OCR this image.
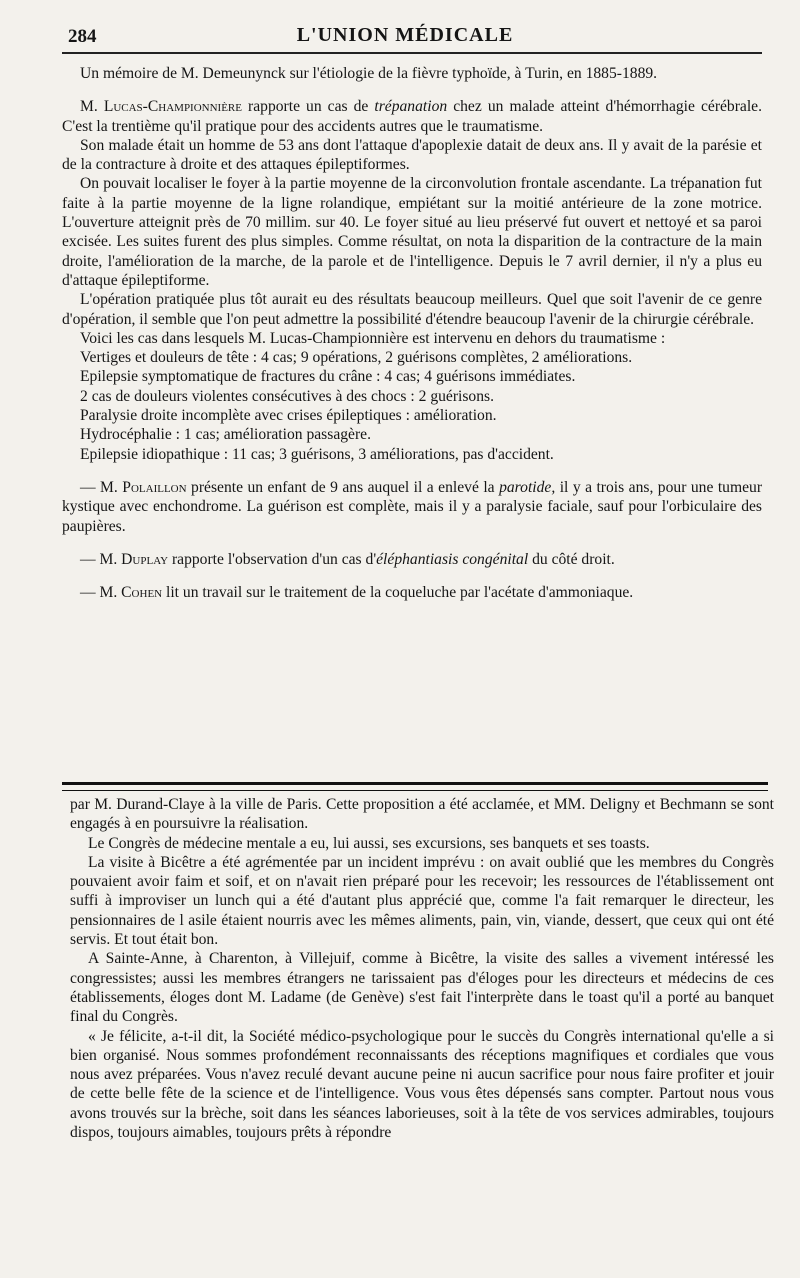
284	L'UNION MÉDICALE

Un mémoire de M. Demeunynck sur l'étiologie de la fièvre typhoïde, à Turin, en 1885-1889.

M. Lucas-Championnière rapporte un cas de trépanation chez un malade atteint d'hémorrhagie cérébrale. C'est la trentième qu'il pratique pour des accidents autres que le traumatisme.

Son malade était un homme de 53 ans dont l'attaque d'apoplexie datait de deux ans. Il y avait de la parésie et de la contracture à droite et des attaques épileptiformes.

On pouvait localiser le foyer à la partie moyenne de la circonvolution frontale ascendante. La trépanation fut faite à la partie moyenne de la ligne rolandique, empiétant sur la moitié antérieure de la zone motrice. L'ouverture atteignit près de 70 millim. sur 40. Le foyer situé au lieu préservé fut ouvert et nettoyé et sa paroi excisée. Les suites furent des plus simples. Comme résultat, on nota la disparition de la contracture de la main droite, l'amélioration de la marche, de la parole et de l'intelligence. Depuis le 7 avril dernier, il n'y a plus eu d'attaque épileptiforme.

L'opération pratiquée plus tôt aurait eu des résultats beaucoup meilleurs. Quel que soit l'avenir de ce genre d'opération, il semble que l'on peut admettre la possibilité d'étendre beaucoup l'avenir de la chirurgie cérébrale.

Voici les cas dans lesquels M. Lucas-Championnière est intervenu en dehors du traumatisme :

Vertiges et douleurs de tête : 4 cas; 9 opérations, 2 guérisons complètes, 2 améliorations.

Epilepsie symptomatique de fractures du crâne : 4 cas; 4 guérisons immédiates.

2 cas de douleurs violentes consécutives à des chocs : 2 guérisons.

Paralysie droite incomplète avec crises épileptiques : amélioration.

Hydrocéphalie : 1 cas; amélioration passagère.

Epilepsie idiopathique : 11 cas; 3 guérisons, 3 améliorations, pas d'accident.

— M. Polaillon présente un enfant de 9 ans auquel il a enlevé la parotide, il y a trois ans, pour une tumeur kystique avec enchondrome. La guérison est complète, mais il y a paralysie faciale, sauf pour l'orbiculaire des paupières.

— M. Duplay rapporte l'observation d'un cas d'éléphantiasis congénital du côté droit.

— M. Cohen lit un travail sur le traitement de la coqueluche par l'acétate d'ammoniaque.

par M. Durand-Claye à la ville de Paris. Cette proposition a été acclamée, et MM. Deligny et Bechmann se sont engagés à en poursuivre la réalisation.

Le Congrès de médecine mentale a eu, lui aussi, ses excursions, ses banquets et ses toasts.

La visite à Bicêtre a été agrémentée par un incident imprévu : on avait oublié que les membres du Congrès pouvaient avoir faim et soif, et on n'avait rien préparé pour les recevoir; les ressources de l'établissement ont suffi à improviser un lunch qui a été d'autant plus apprécié que, comme l'a fait remarquer le directeur, les pensionnaires de l asile étaient nourris avec les mêmes aliments, pain, vin, viande, dessert, que ceux qui ont été servis. Et tout était bon.

A Sainte-Anne, à Charenton, à Villejuif, comme à Bicêtre, la visite des salles a vivement intéressé les congressistes; aussi les membres étrangers ne tarissaient pas d'éloges pour les directeurs et médecins de ces établissements, éloges dont M. Ladame (de Genève) s'est fait l'interprète dans le toast qu'il a porté au banquet final du Congrès.

« Je félicite, a-t-il dit, la Société médico-psychologique pour le succès du Congrès international qu'elle a si bien organisé. Nous sommes profondément reconnaissants des réceptions magnifiques et cordiales que vous nous avez préparées. Vous n'avez reculé devant aucune peine ni aucun sacrifice pour nous faire profiter et jouir de cette belle fête de la science et de l'intelligence. Vous vous êtes dépensés sans compter. Partout nous vous avons trouvés sur la brèche, soit dans les séances laborieuses, soit à la tête de vos services admirables, toujours dispos, toujours aimables, toujours prêts à répondre
